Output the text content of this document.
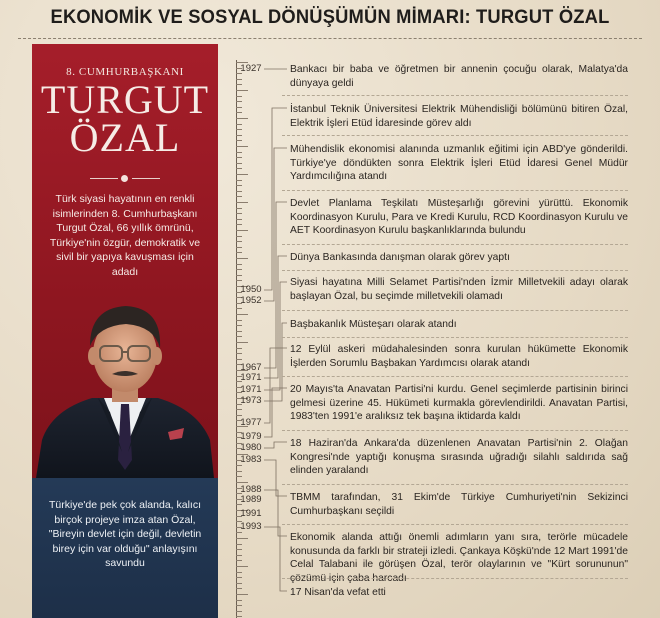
EKONOMİK VE SOSYAL DÖNÜŞÜMÜN MİMARI: TURGUT ÖZAL
8. CUMHURBAŞKANI
TURGUT
ÖZAL
Türk siyasi hayatının en renkli isimlerinden 8. Cumhurbaşkanı Turgut Özal, 66 yıllık ömrünü, Türkiye'nin özgür, demokratik ve sivil bir yapıya kavuşması için adadı
Türkiye'de pek çok alanda, kalıcı birçok projeye imza atan Özal, "Bireyin devlet için değil, devletin birey için var olduğu" anlayışını savundu
1927
1950
1952
1967
1971
1971
1973
1977
1979
1980
1983
1988
1989
1991
1993
Bankacı bir baba ve öğretmen bir annenin çocuğu olarak, Malatya'da dünyaya geldi
İstanbul Teknik Üniversitesi Elektrik Mühendisliği bölümünü bitiren Özal, Elektrik İşleri Etüd İdaresinde görev aldı
Mühendislik ekonomisi alanında uzmanlık eğitimi için ABD'ye gönderildi. Türkiye'ye döndükten sonra Elektrik İşleri Etüd İdaresi Genel Müdür Yardımcılığına atandı
Devlet Planlama Teşkilatı Müsteşarlığı görevini yürüttü. Ekonomik Koordinasyon Kurulu, Para ve Kredi Kurulu, RCD Koordinasyon Kurulu ve AET Koordinasyon Kurulu başkanlıklarında bulundu
Dünya Bankasında danışman olarak görev yaptı
Siyasi hayatına Milli Selamet Partisi'nden İzmir Milletvekili adayı olarak başlayan Özal, bu seçimde milletvekili olamadı
Başbakanlık Müsteşarı olarak atandı
12 Eylül askeri müdahalesinden sonra kurulan hükümette Ekonomik İşlerden Sorumlu Başbakan Yardımcısı olarak atandı
20 Mayıs'ta Anavatan Partisi'ni kurdu. Genel seçimlerde partisinin birinci gelmesi üzerine 45. Hükümeti kurmakla görevlendirildi. Anavatan Partisi, 1983'ten 1991'e aralıksız tek başına iktidarda kaldı
18 Haziran'da Ankara'da düzenlenen Anavatan Partisi'nin 2. Olağan Kongresi'nde yaptığı konuşma sırasında uğradığı silahlı saldırıda sağ elinden yaralandı
TBMM tarafından, 31 Ekim'de Türkiye Cumhuriyeti'nin Sekizinci Cumhurbaşkanı seçildi
Ekonomik alanda attığı önemli adımların yanı sıra, terörle mücadele konusunda da farklı bir strateji izledi. Çankaya Köşkü'nde 12 Mart 1991'de Celal Talabani ile görüşen Özal, terör olaylarının ve "Kürt sorununun" çözümü için çaba harcadı
17 Nisan'da vefat etti
